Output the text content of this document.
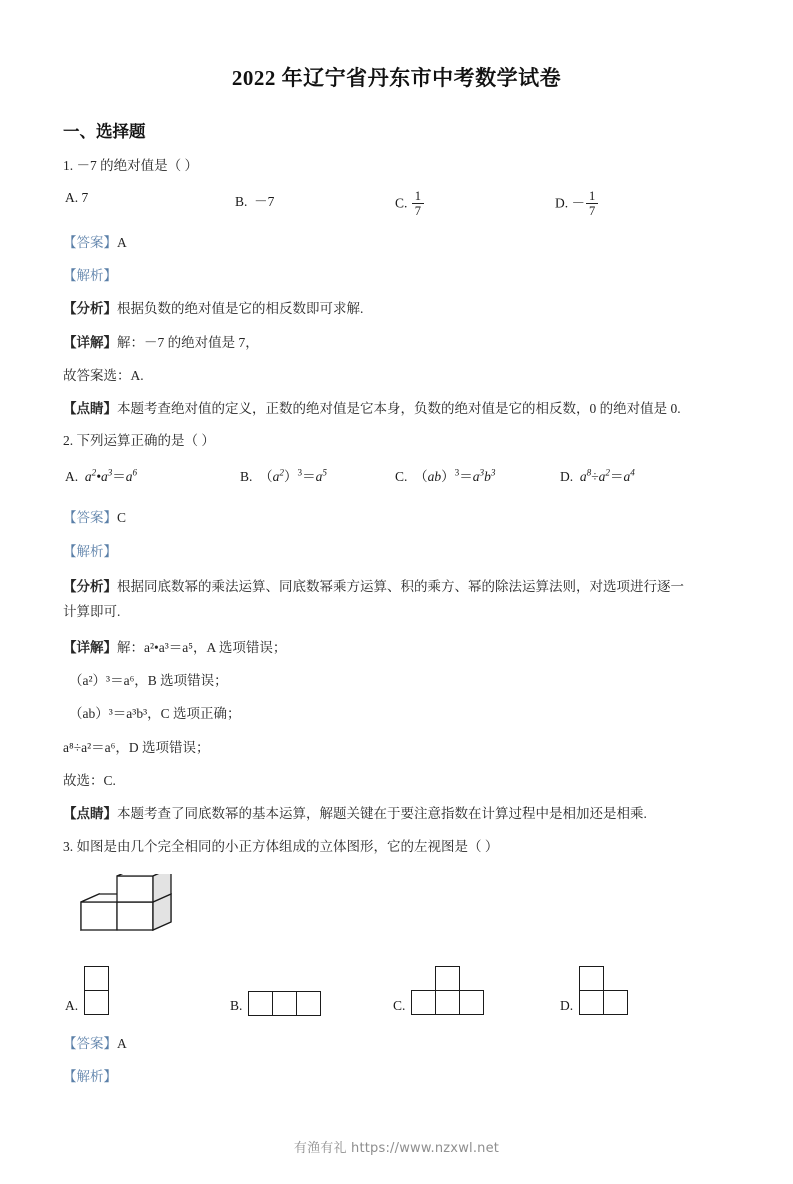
2022 年辽宁省丹东市中考数学试卷
一、选择题
1. －7 的绝对值是（ ）
A. 7	B. －7	C. $\frac{1}{7}$	D. － $\frac{1}{7}$
【答案】A
【解析】
【分析】根据负数的绝对值是它的相反数即可求解.
【详解】解：－7 的绝对值是 7，
故答案选：A.
【点睛】本题考查绝对值的定义，正数的绝对值是它本身，负数的绝对值是它的相反数，0 的绝对值是 0.
2. 下列运算正确的是（ ）
A. $a^2•a^3=a^6$	B. $(a^2)^3=a^5$	C. $(ab)^3=a^3b^3$	D. $a^8\div a^2=a^4$
【答案】C
【解析】
【分析】根据同底数幂的乘法运算、同底数幂乘方运算、积的乘方、幂的除法运算法则，对选项进行逐一
计算即可.
【详解】解：a²•a³＝a⁵，A 选项错误；
（a²）³＝a⁶，B 选项错误；
（ab）³＝a³b³，C 选项正确；
a⁸÷a²＝a⁶，D 选项错误；
故选：C.
【点睛】本题考查了同底数幂的基本运算，解题关键在于要注意指数在计算过程中是相加还是相乘.
3. 如图是由几个完全相同的小正方体组成的立体图形，它的左视图是（ ）
A.	B.	C.	D.
【答案】A
【解析】
有渔有礼 https://www.nzxwl.net
